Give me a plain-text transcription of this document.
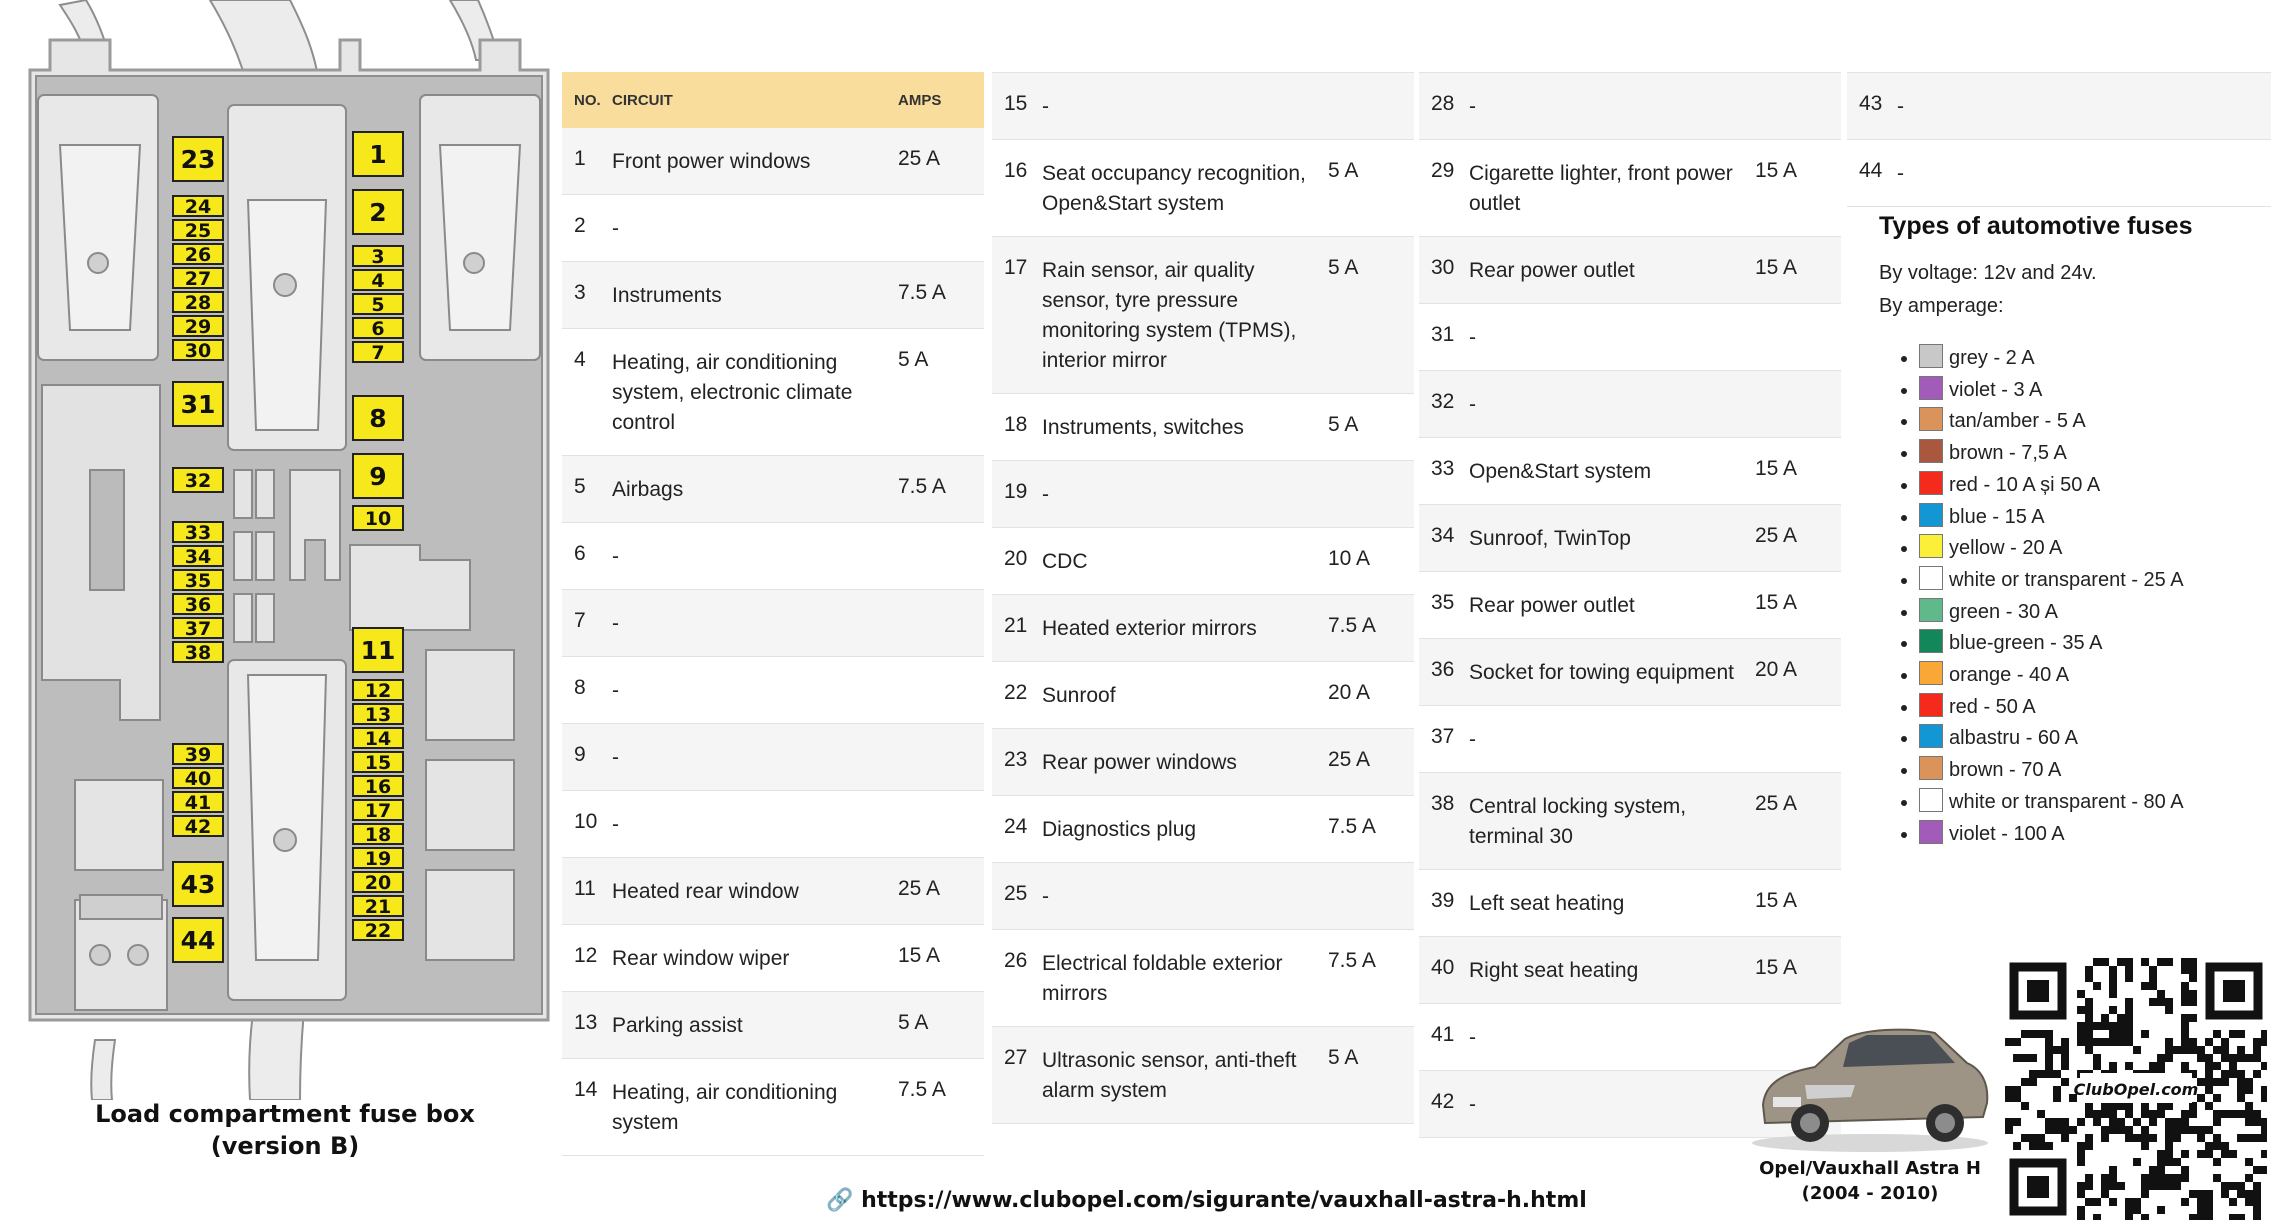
23
24
25
26
27
28
29
30
31
32
33
34
35
36
37
38
39
40
41
42
43
44
1
2
3
4
5
6
7
8
9
10
11
12
13
14
15
16
17
18
19
20
21
22
Load compartment fuse box
(version B)
NO.	CIRCUIT	AMPS
1	Front power windows	25 A
2	-	
3	Instruments	7.5 A
4	Heating, air conditioning system, electronic climate control	5 A
5	Airbags	7.5 A
6	-	
7	-	
8	-	
9	-	
10	-	
11	Heated rear window	25 A
12	Rear window wiper	15 A
13	Parking assist	5 A
14	Heating, air conditioning system	7.5 A
15	-	
16	Seat occupancy recognition, Open&Start system	5 A
17	Rain sensor, air quality sensor, tyre pressure monitoring system (TPMS), interior mirror	5 A
18	Instruments, switches	5 A
19	-	
20	CDC	10 A
21	Heated exterior mirrors	7.5 A
22	Sunroof	20 A
23	Rear power windows	25 A
24	Diagnostics plug	7.5 A
25	-	
26	Electrical foldable exterior mirrors	7.5 A
27	Ultrasonic sensor, anti-theft alarm system	5 A
28	-	
29	Cigarette lighter, front power outlet	15 A
30	Rear power outlet	15 A
31	-	
32	-	
33	Open&Start system	15 A
34	Sunroof, TwinTop	25 A
35	Rear power outlet	15 A
36	Socket for towing equipment	20 A
37	-	
38	Central locking system, terminal 30	25 A
39	Left seat heating	15 A
40	Right seat heating	15 A
41	-	
42	-	
43	-
44	-
Types of automotive fuses

By voltage: 12v and 24v.

By amperage:

• grey - 2 A
• violet - 3 A
• tan/amber - 5 A
• brown - 7,5 A
• red - 10 A și 50 A
• blue - 15 A
• yellow - 20 A
• white or transparent - 25 A
• green - 30 A
• blue-green - 35 A
• orange - 40 A
• red - 50 A
• albastru - 60 A
• brown - 70 A
• white or transparent - 80 A
• violet - 100 A
🔗 https://www.clubopel.com/sigurante/vauxhall-astra-h.html
Opel/Vauxhall Astra H
(2004 - 2010)
ClubOpel.com
